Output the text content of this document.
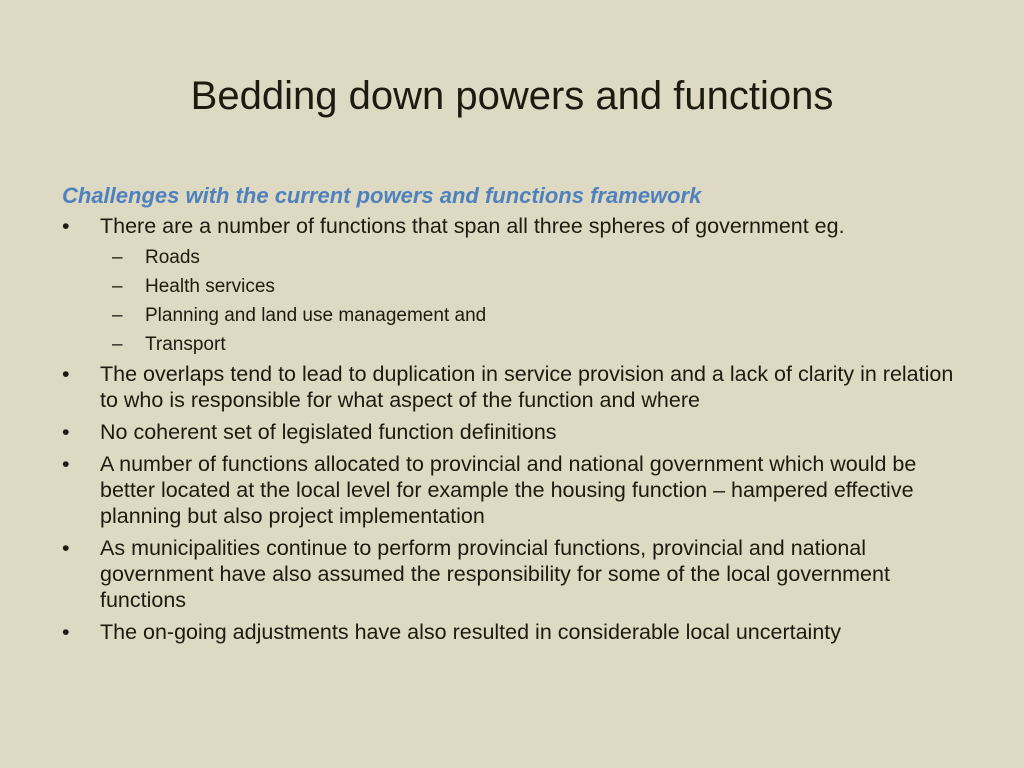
Bedding down powers and functions
Challenges with the current powers and functions framework
•	There are a number of functions that span all three spheres of government eg.
– Roads
– Health services
– Planning and land use management and
– Transport
•	The overlaps tend to lead to duplication in service provision and a lack of clarity in relation to who is responsible for what aspect of the function and where
•	No coherent set of legislated function definitions
•	A number of functions allocated to provincial and national government which would be better located at the local level for example the housing function – hampered effective planning but also project implementation
•	As municipalities continue to perform provincial functions, provincial and national government have also assumed the responsibility for some of the local government functions
•	The on-going adjustments have also resulted in considerable local uncertainty
